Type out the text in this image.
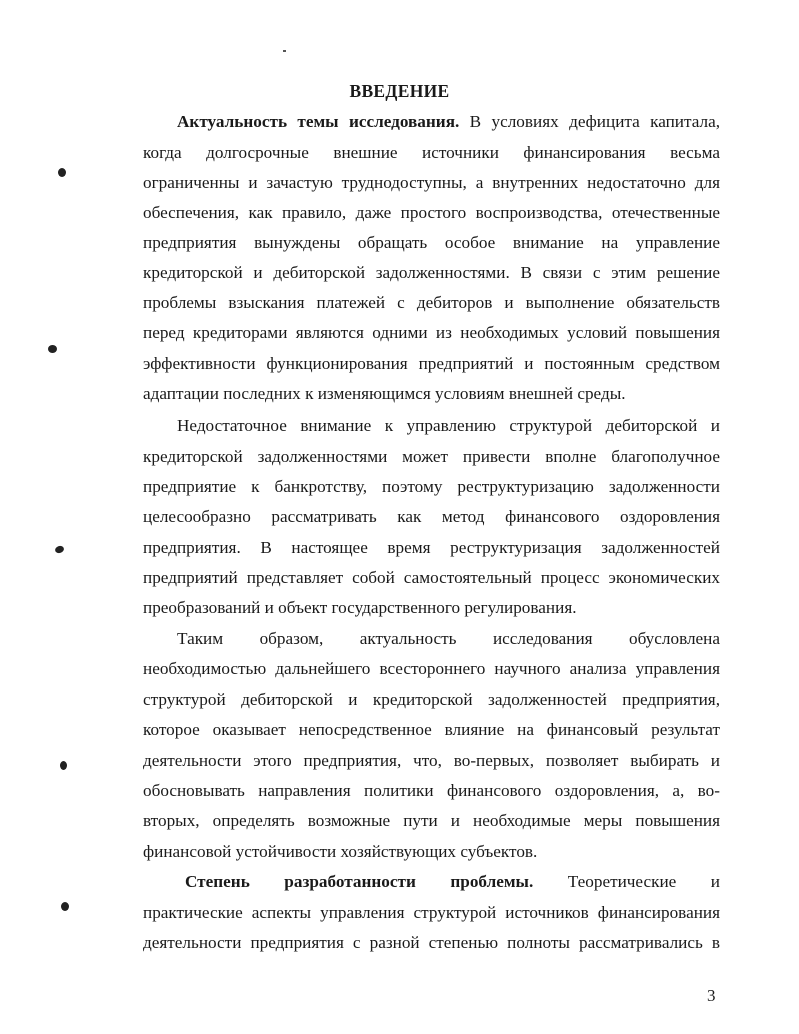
ВВЕДЕНИЕ
Актуальность темы исследования. В условиях дефицита капитала,
когда долгосрочные внешние источники финансирования весьма
ограниченны и зачастую труднодоступны, а внутренних недостаточно для
обеспечения, как правило, даже простого воспроизводства, отечественные
предприятия вынуждены обращать особое внимание на управление
кредиторской и дебиторской задолженностями. В связи с этим решение
проблемы взыскания платежей с дебиторов и выполнение обязательств
перед кредиторами являются одними из необходимых условий повышения
эффективности функционирования предприятий и постоянным средством
адаптации последних к изменяющимся условиям внешней среды.
Недостаточное внимание к управлению структурой дебиторской и
кредиторской задолженностями может привести вполне благополучное
предприятие к банкротству, поэтому реструктуризацию задолженности
целесообразно рассматривать как метод финансового оздоровления
предприятия. В настоящее время реструктуризация задолженностей
предприятий представляет собой самостоятельный процесс экономических
преобразований и объект государственного регулирования.
Таким образом, актуальность исследования обусловлена
необходимостью дальнейшего всестороннего научного анализа управления
структурой дебиторской и кредиторской задолженностей предприятия,
которое оказывает непосредственное влияние на финансовый результат
деятельности этого предприятия, что, во-первых, позволяет выбирать и
обосновывать направления политики финансового оздоровления, а, во-
вторых, определять возможные пути и необходимые меры повышения
финансовой устойчивости хозяйствующих субъектов.
Степень разработанности проблемы. Теоретические и
практические аспекты управления структурой источников финансирования
деятельности предприятия с разной степенью полноты рассматривались в
3
